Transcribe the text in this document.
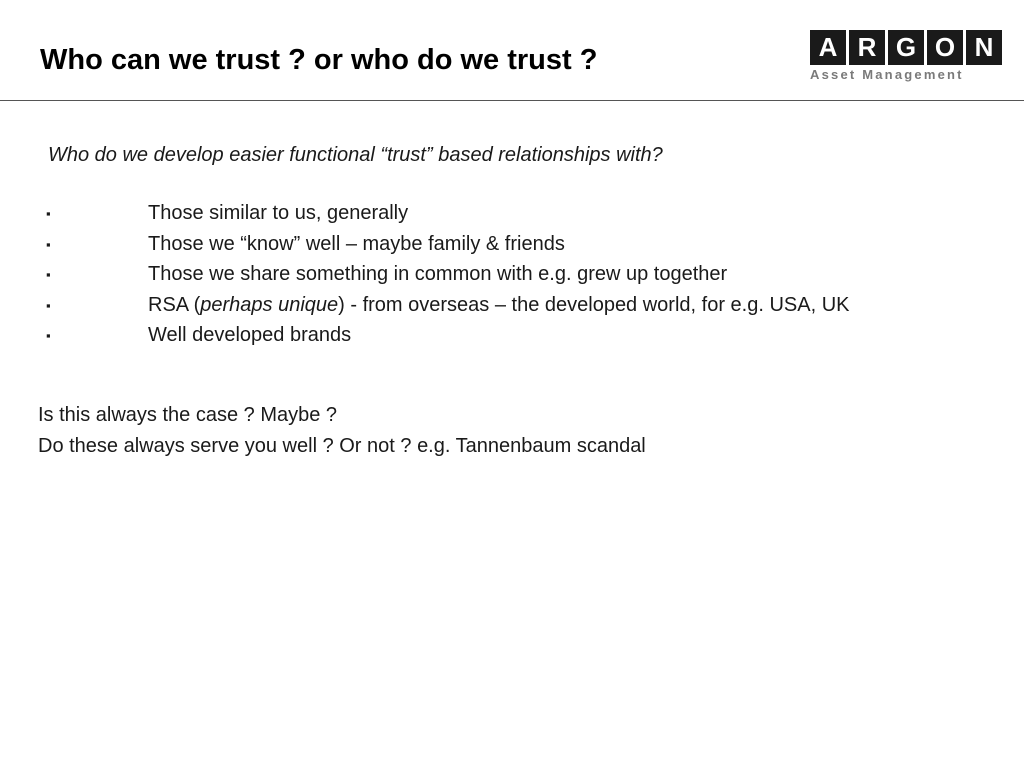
Who can we trust ? or who do we trust ?	A R G O N
Asset Management

Who do we develop easier functional “trust” based relationships with?

▪	Those similar to us, generally
▪	Those we “know” well – maybe family & friends
▪	Those we share something in common with e.g. grew up together
▪	RSA (perhaps unique) - from overseas – the developed world, for e.g. USA, UK
▪	Well developed brands

Is this always the case ? Maybe ?

Do these always serve you well ? Or not ? e.g. Tannenbaum scandal
